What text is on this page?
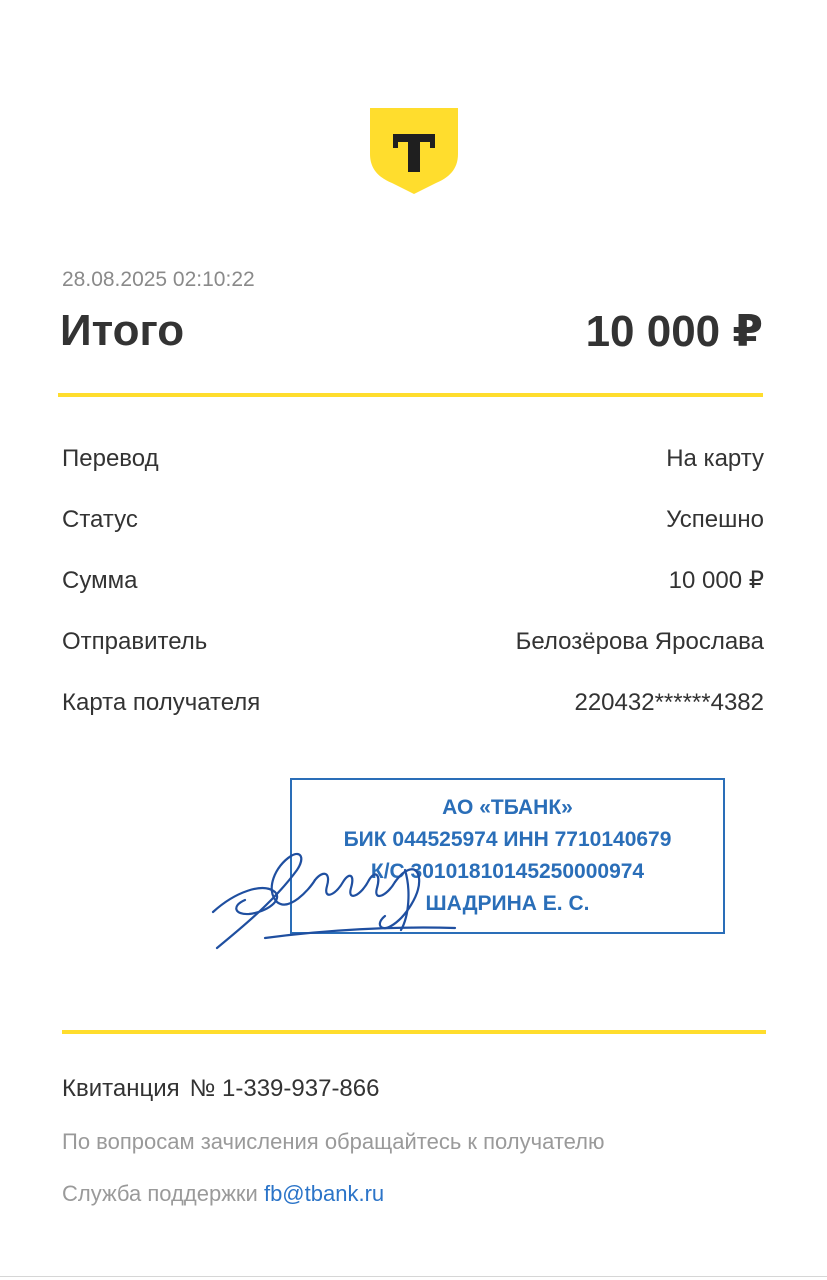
28.08.2025 02:10:22
Итого	10 000 ₽
Перевод	На карту
Статус	Успешно
Сумма	10 000 ₽
Отправитель	Белозёрова Ярослава
Карта получателя	220432******4382
АО «ТБАНК»
БИК 044525974 ИНН 7710140679
К/С 30101810145250000974
ШАДРИНА Е. С.
Квитанция № 1-339-937-866
По вопросам зачисления обращайтесь к получателю
Служба поддержки fb@tbank.ru
